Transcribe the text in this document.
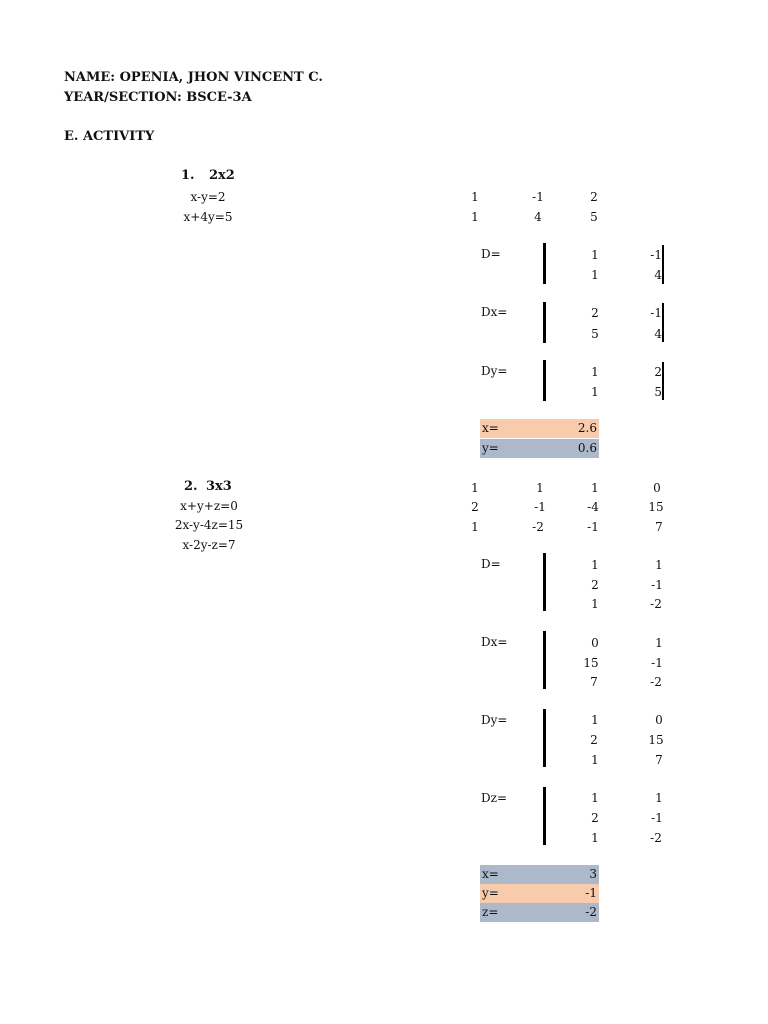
NAME: OPENIA, JHON VINCENT C.
YEAR/SECTION: BSCE-3A
E. ACTIVITY
1. 2x2
x-y=2
x+4y=5
1	-1	2
1	4	5
D=	1	-1
1	4
Dx=	2	-1
5	4
Dy=	1	2
1	5
x=	2.6
y=	0.6
2. 3x3
x+y+z=0
2x-y-4z=15
x-2y-z=7
1	1	1	0
2	-1	-4	15
1	-2	-1	7
D=	1	1
2	-1
1	-2
Dx=	0	1
15	-1
7	-2
Dy=	1	0
2	15
1	7
Dz=	1	1
2	-1
1	-2
x=	3
y=	-1
z=	-2
